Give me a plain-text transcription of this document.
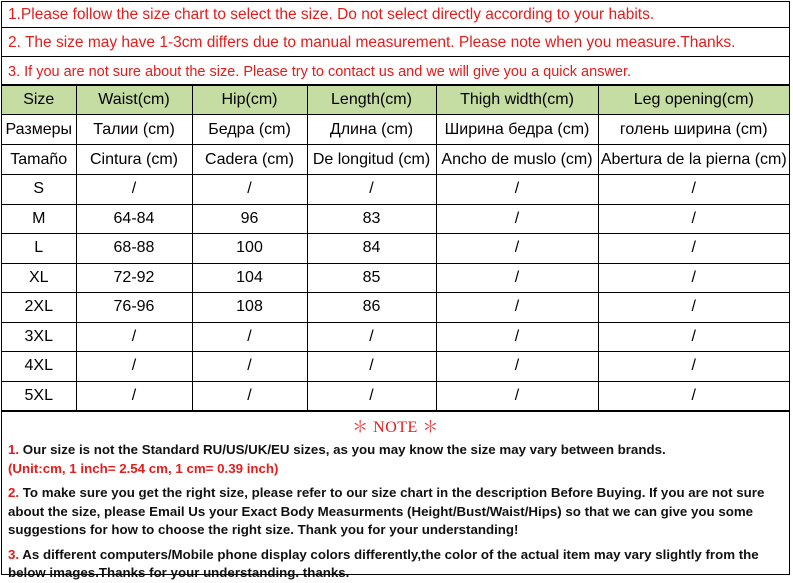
1.Please follow the size chart to select the size. Do not select directly according to your habits.
2. The size may have 1-3cm differs due to manual measurement. Please note when you measure.Thanks.
3. If you are not sure about the size. Please try to contact us and we will give you a quick answer.
Size	Waist(cm)	Hip(cm)	Length(cm)	Thigh width(cm)	Leg opening(cm)
Размеры	Талии (cm)	Бедра (cm)	Длина (cm)	Ширина бедра (cm)	голень ширина (cm)
Tamaño	Cintura (cm)	Cadera (cm)	De longitud (cm)	Ancho de muslo (cm)	Abertura de la pierna (cm)
S	/	/	/	/	/
M	64-84	96	83	/	/
L	68-88	100	84	/	/
XL	72-92	104	85	/	/
2XL	76-96	108	86	/	/
3XL	/	/	/	/	/
4XL	/	/	/	/	/
5XL	/	/	/	/	/
＊ NOTE ＊
1. Our size is not the Standard RU/US/UK/EU sizes, as you may know the size may vary between brands.
(Unit:cm, 1 inch= 2.54 cm, 1 cm= 0.39 inch)
2. To make sure you get the right size, please refer to our size chart in the description Before Buying. If you are not sure about the size, please Email Us your Exact Body Measurments (Height/Bust/Waist/Hips) so that we can give you some suggestions for how to choose the right size. Thank you for your understanding!
3. As different computers/Mobile phone display colors differently,the color of the actual item may vary slightly from the below images.Thanks for your understanding. thanks.
